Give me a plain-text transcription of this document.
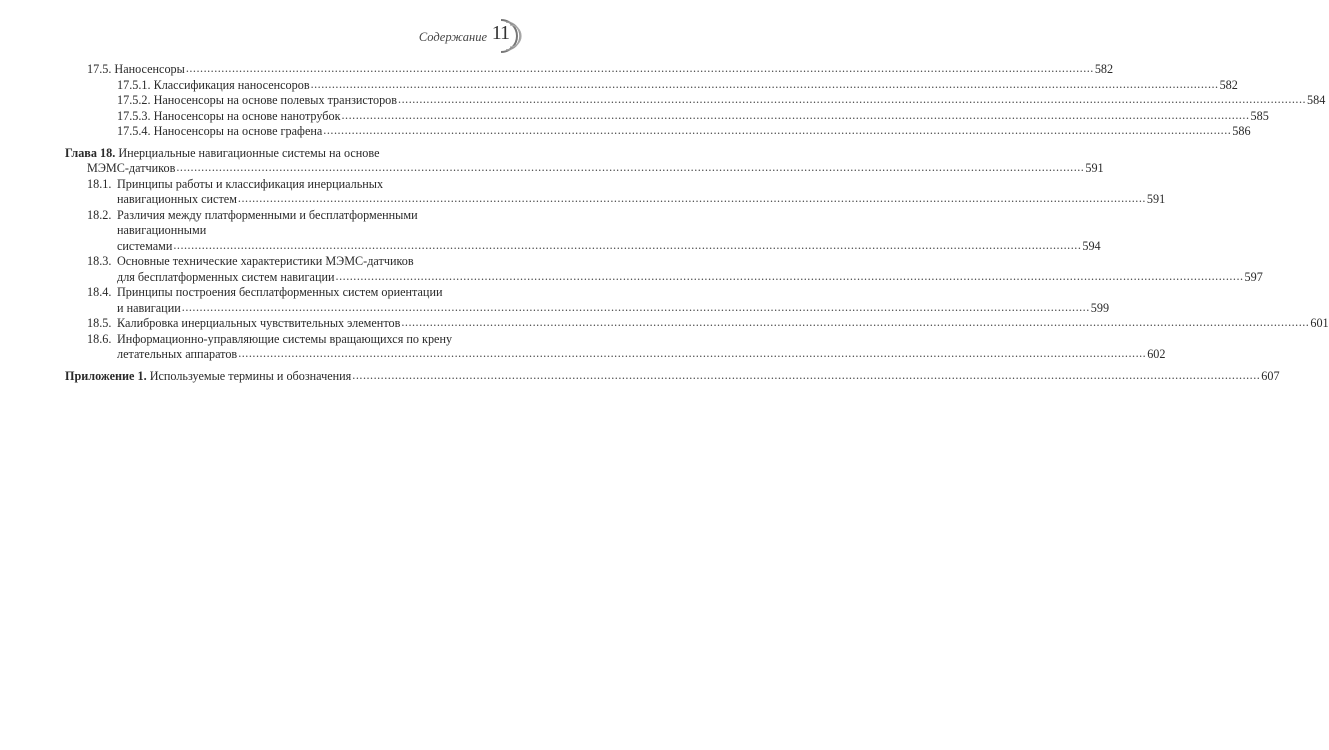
Содержание 11
17.5. Наносенсоры .....	582
17.5.1. Классификация наносенсоров .....	582
17.5.2. Наносенсоры на основе полевых транзисторов .....	584
17.5.3. Наносенсоры на основе нанотрубок .....	585
17.5.4. Наносенсоры на основе графена .....	586
Глава 18. Инерциальные навигационные системы на основе
МЭМС-датчиков .....	591
18.1. Принципы работы и классификация инерциальных
навигационных систем .....	591
18.2. Различия между платформенными и бесплатформенными
навигационными
системами .....	594
18.3. Основные технические характеристики МЭМС-датчиков
для бесплатформенных систем навигации .....	597
18.4. Принципы построения бесплатформенных систем ориентации
и навигации .....	599
18.5. Калибровка инерциальных чувствительных элементов .....	601
18.6. Информационно-управляющие системы вращающихся по крену
летательных аппаратов .....	602
Приложение 1. Используемые термины и обозначения .....	607
